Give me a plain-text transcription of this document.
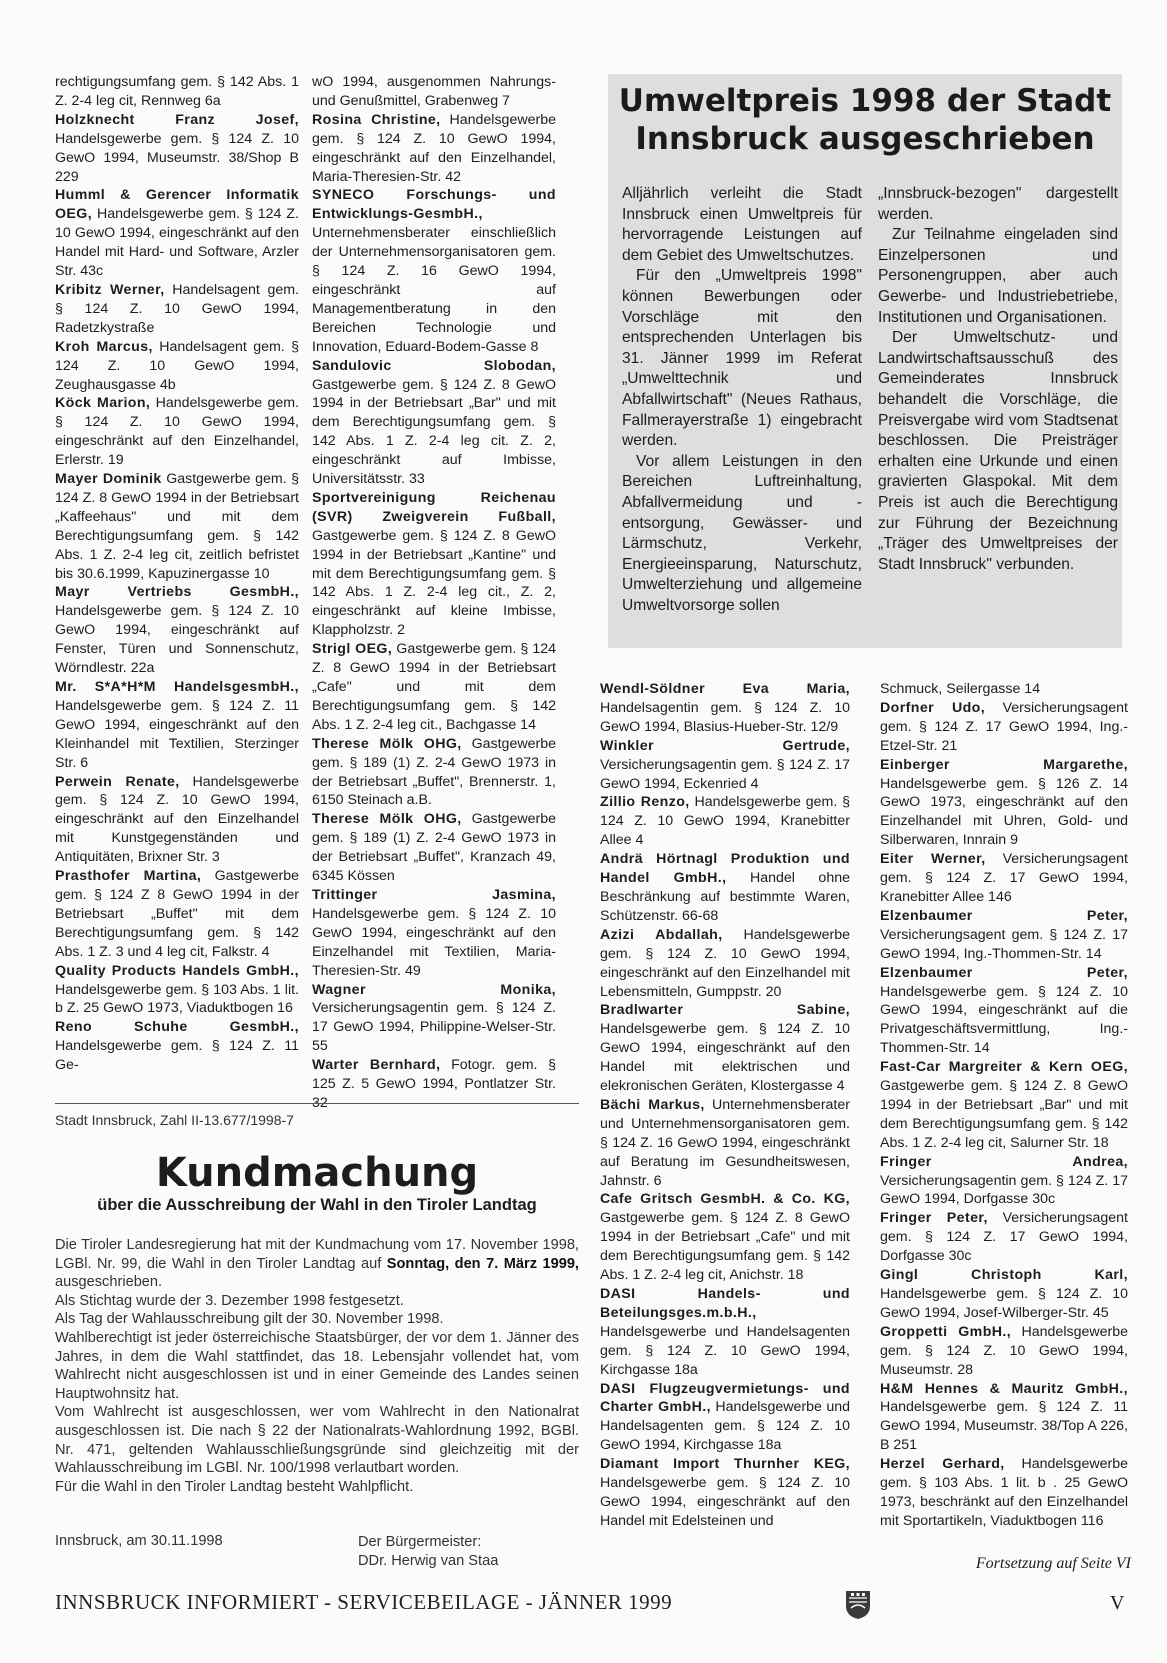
rechtigungsumfang gem. § 142 Abs. 1 Z. 2-4 leg cit, Rennweg 6a

Holzknecht Franz Josef, Handelsgewerbe gem. § 124 Z. 10 GewO 1994, Museumstr. 38/Shop B 229

Humml & Gerencer Informatik OEG, Handelsgewerbe gem. § 124 Z. 10 GewO 1994, eingeschränkt auf den Handel mit Hard- und Software, Arzler Str. 43c

Kribitz Werner, Handelsagent gem. § 124 Z. 10 GewO 1994, Radetzkystraße

Kroh Marcus, Handelsagent gem. § 124 Z. 10 GewO 1994, Zeughausgasse 4b

Köck Marion, Handelsgewerbe gem. § 124 Z. 10 GewO 1994, eingeschränkt auf den Einzelhandel, Erlerstr. 19

Mayer Dominik Gastgewerbe gem. § 124 Z. 8 GewO 1994 in der Betriebsart „Kaffeehaus" und mit dem Berechtigungsumfang gem. § 142 Abs. 1 Z. 2-4 leg cit, zeitlich befristet bis 30.6.1999, Kapuzinergasse 10

Mayr Vertriebs GesmbH., Handelsgewerbe gem. § 124 Z. 10 GewO 1994, eingeschränkt auf Fenster, Türen und Sonnenschutz, Wörndlestr. 22a

Mr. S*A*H*M HandelsgesmbH., Handelsgewerbe gem. § 124 Z. 11 GewO 1994, eingeschränkt auf den Kleinhandel mit Textilien, Sterzinger Str. 6

Perwein Renate, Handelsgewerbe gem. § 124 Z. 10 GewO 1994, eingeschränkt auf den Einzelhandel mit Kunstgegenständen und Antiquitäten, Brixner Str. 3

Prasthofer Martina, Gastgewerbe gem. § 124 Z 8 GewO 1994 in der Betriebsart „Buffet" mit dem Berechtigungsumfang gem. § 142 Abs. 1 Z. 3 und 4 leg cit, Falkstr. 4

Quality Products Handels GmbH., Handelsgewerbe gem. § 103 Abs. 1 lit. b Z. 25 GewO 1973, Viaduktbogen 16

Reno Schuhe GesmbH., Handelsgewerbe gem. § 124 Z. 11 Ge-

wO 1994, ausgenommen Nahrungs- und Genußmittel, Grabenweg 7

Rosina Christine, Handelsgewerbe gem. § 124 Z. 10 GewO 1994, eingeschränkt auf den Einzelhandel, Maria-Theresien-Str. 42

SYNECO Forschungs- und Entwicklungs-GesmbH., Unternehmensberater einschließlich der Unternehmensorganisatoren gem. § 124 Z. 16 GewO 1994, eingeschränkt auf Managementberatung in den Bereichen Technologie und Innovation, Eduard-Bodem-Gasse 8

Sandulovic Slobodan, Gastgewerbe gem. § 124 Z. 8 GewO 1994 in der Betriebsart „Bar" und mit dem Berechtigungsumfang gem. § 142 Abs. 1 Z. 2-4 leg cit. Z. 2, eingeschränkt auf Imbisse, Universitätsstr. 33

Sportvereinigung Reichenau (SVR) Zweigverein Fußball, Gastgewerbe gem. § 124 Z. 8 GewO 1994 in der Betriebsart „Kantine" und mit dem Berechtigungsumfang gem. § 142 Abs. 1 Z. 2-4 leg cit., Z. 2, eingeschränkt auf kleine Imbisse, Klappholzstr. 2

Strigl OEG, Gastgewerbe gem. § 124 Z. 8 GewO 1994 in der Betriebsart „Cafe" und mit dem Berechtigungsumfang gem. § 142 Abs. 1 Z. 2-4 leg cit., Bachgasse 14

Therese Mölk OHG, Gastgewerbe gem. § 189 (1) Z. 2-4 GewO 1973 in der Betriebsart „Buffet", Brennerstr. 1, 6150 Steinach a.B.

Therese Mölk OHG, Gastgewerbe gem. § 189 (1) Z. 2-4 GewO 1973 in der Betriebsart „Buffet", Kranzach 49, 6345 Kössen

Trittinger Jasmina, Handelsgewerbe gem. § 124 Z. 10 GewO 1994, eingeschränkt auf den Einzelhandel mit Textilien, Maria-Theresien-Str. 49

Wagner Monika, Versicherungsagentin gem. § 124 Z. 17 GewO 1994, Philippine-Welser-Str. 55

Warter Bernhard, Fotogr. gem. § 125 Z. 5 GewO 1994, Pontlatzer Str. 32

Umweltpreis 1998 der Stadt
Innsbruck ausgeschrieben

Alljährlich verleiht die Stadt Innsbruck einen Umweltpreis für hervorragende Leistungen auf dem Gebiet des Umweltschutzes.

Für den „Umweltpreis 1998" können Bewerbungen oder Vorschläge mit den entsprechenden Unterlagen bis 31. Jänner 1999 im Referat „Umwelttechnik und Abfallwirtschaft" (Neues Rathaus, Fallmerayerstraße 1) eingebracht werden.

Vor allem Leistungen in den Bereichen Luftreinhaltung, Abfallvermeidung und -entsorgung, Gewässer- und Lärmschutz, Verkehr, Energieeinsparung, Naturschutz, Umwelterziehung und allgemeine Umweltvorsorge sollen

„Innsbruck-bezogen" dargestellt werden.

Zur Teilnahme eingeladen sind Einzelpersonen und Personengruppen, aber auch Gewerbe- und Industriebetriebe, Institutionen und Organisationen.

Der Umweltschutz- und Landwirtschaftsausschuß des Gemeinderates Innsbruck behandelt die Vorschläge, die Preisvergabe wird vom Stadtsenat beschlossen. Die Preisträger erhalten eine Urkunde und einen gravierten Glaspokal. Mit dem Preis ist auch die Berechtigung zur Führung der Bezeichnung „Träger des Umweltpreises der Stadt Innsbruck" verbunden.

Wendl-Söldner Eva Maria, Handelsagentin gem. § 124 Z. 10 GewO 1994, Blasius-Hueber-Str. 12/9

Winkler Gertrude, Versicherungsagentin gem. § 124 Z. 17 GewO 1994, Eckenried 4

Zillio Renzo, Handelsgewerbe gem. § 124 Z. 10 GewO 1994, Kranebitter Allee 4

Andrä Hörtnagl Produktion und Handel GmbH., Handel ohne Beschränkung auf bestimmte Waren, Schützenstr. 66-68

Azizi Abdallah, Handelsgewerbe gem. § 124 Z. 10 GewO 1994, eingeschränkt auf den Einzelhandel mit Lebensmitteln, Gumppstr. 20

Bradlwarter Sabine, Handelsgewerbe gem. § 124 Z. 10 GewO 1994, eingeschränkt auf den Handel mit elektrischen und elekronischen Geräten, Klostergasse 4

Bächi Markus, Unternehmensberater und Unternehmensorganisatoren gem. § 124 Z. 16 GewO 1994, eingeschränkt auf Beratung im Gesundheitswesen, Jahnstr. 6

Cafe Gritsch GesmbH. & Co. KG, Gastgewerbe gem. § 124 Z. 8 GewO 1994 in der Betriebsart „Cafe" und mit dem Berechtigungsumfang gem. § 142 Abs. 1 Z. 2-4 leg cit, Anichstr. 18

DASI Handels- und Beteilungsges.m.b.H., Handelsgewerbe und Handelsagenten gem. § 124 Z. 10 GewO 1994, Kirchgasse 18a

DASI Flugzeugvermietungs- und Charter GmbH., Handelsgewerbe und Handelsagenten gem. § 124 Z. 10 GewO 1994, Kirchgasse 18a

Diamant Import Thurnher KEG, Handelsgewerbe gem. § 124 Z. 10 GewO 1994, eingeschränkt auf den Handel mit Edelsteinen und

Schmuck, Seilergasse 14

Dorfner Udo, Versicherungsagent gem. § 124 Z. 17 GewO 1994, Ing.-Etzel-Str. 21

Einberger Margarethe, Handelsgewerbe gem. § 126 Z. 14 GewO 1973, eingeschränkt auf den Einzelhandel mit Uhren, Gold- und Silberwaren, Innrain 9

Eiter Werner, Versicherungsagent gem. § 124 Z. 17 GewO 1994, Kranebitter Allee 146

Elzenbaumer Peter, Versicherungsagent gem. § 124 Z. 17 GewO 1994, Ing.-Thommen-Str. 14

Elzenbaumer Peter, Handelsgewerbe gem. § 124 Z. 10 GewO 1994, eingeschränkt auf die Privatgeschäftsvermittlung, Ing.-Thommen-Str. 14

Fast-Car Margreiter & Kern OEG, Gastgewerbe gem. § 124 Z. 8 GewO 1994 in der Betriebsart „Bar" und mit dem Berechtigungsumfang gem. § 142 Abs. 1 Z. 2-4 leg cit, Salurner Str. 18

Fringer Andrea, Versicherungsagentin gem. § 124 Z. 17 GewO 1994, Dorfgasse 30c

Fringer Peter, Versicherungsagent gem. § 124 Z. 17 GewO 1994, Dorfgasse 30c

Gingl Christoph Karl, Handelsgewerbe gem. § 124 Z. 10 GewO 1994, Josef-Wilberger-Str. 45

Groppetti GmbH., Handelsgewerbe gem. § 124 Z. 10 GewO 1994, Museumstr. 28

H&M Hennes & Mauritz GmbH., Handelsgewerbe gem. § 124 Z. 11 GewO 1994, Museumstr. 38/Top A 226, B 251

Herzel Gerhard, Handelsgewerbe gem. § 103 Abs. 1 lit. b . 25 GewO 1973, beschränkt auf den Einzelhandel mit Sportartikeln, Viaduktbogen 116

Stadt Innsbruck, Zahl II-13.677/1998-7
Kundmachung
über die Ausschreibung der Wahl in den Tiroler Landtag

Die Tiroler Landesregierung hat mit der Kundmachung vom 17. November 1998, LGBl. Nr. 99, die Wahl in den Tiroler Landtag auf Sonntag, den 7. März 1999, ausgeschrieben.

Als Stichtag wurde der 3. Dezember 1998 festgesetzt.

Als Tag der Wahlausschreibung gilt der 30. November 1998.

Wahlberechtigt ist jeder österreichische Staatsbürger, der vor dem 1. Jänner des Jahres, in dem die Wahl stattfindet, das 18. Lebensjahr vollendet hat, vom Wahlrecht nicht ausgeschlossen ist und in einer Gemeinde des Landes seinen Hauptwohnsitz hat.

Vom Wahlrecht ist ausgeschlossen, wer vom Wahlrecht in den Nationalrat ausgeschlossen ist. Die nach § 22 der Nationalrats-Wahlordnung 1992, BGBl. Nr. 471, geltenden Wahlausschließungsgründe sind gleichzeitig mit der Wahlausschreibung im LGBl. Nr. 100/1998 verlautbart worden.

Für die Wahl in den Tiroler Landtag besteht Wahlpflicht.

Innsbruck, am 30.11.1998	Der Bürgermeister:
DDr. Herwig van Staa	Fortsetzung auf Seite VI
INNSBRUCK INFORMIERT - SERVICEBEILAGE - JÄNNER 1999	V
